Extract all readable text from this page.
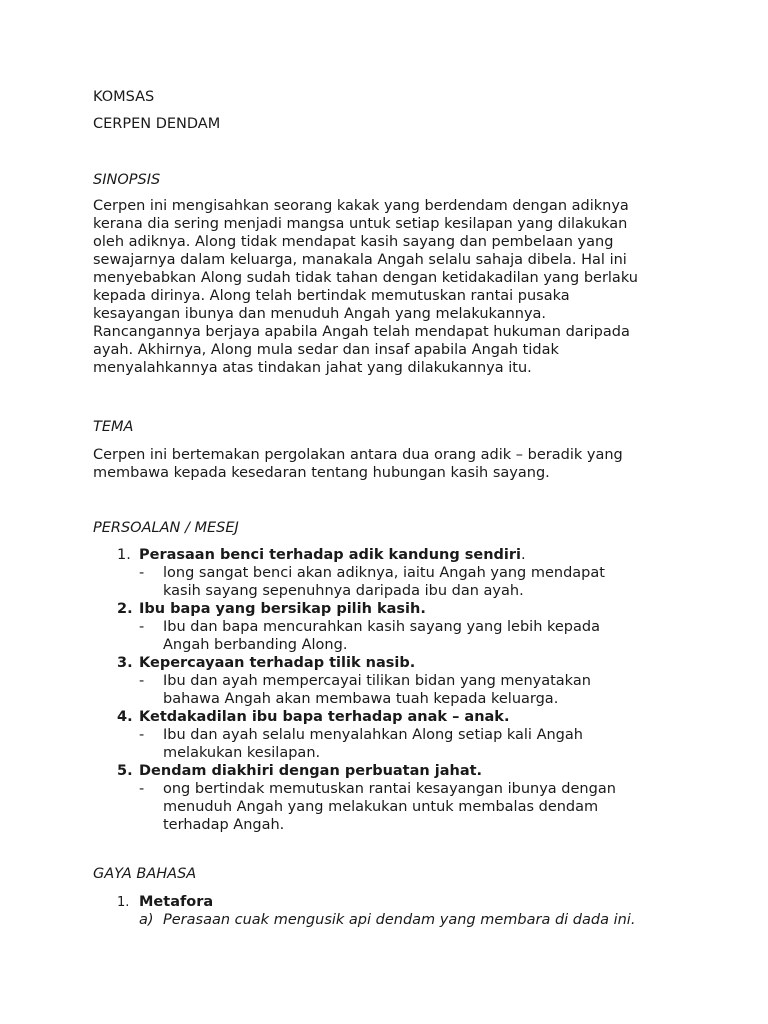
KOMSAS
CERPEN DENDAM
SINOPSIS
Cerpen ini mengisahkan seorang kakak yang berdendam dengan adiknya
kerana dia sering menjadi mangsa untuk setiap kesilapan yang dilakukan
oleh adiknya. Along tidak mendapat kasih sayang dan pembelaan yang
sewajarnya dalam keluarga, manakala Angah selalu sahaja dibela. Hal ini
menyebabkan Along sudah tidak tahan dengan ketidakadilan yang berlaku
kepada dirinya. Along telah bertindak memutuskan rantai pusaka
kesayangan ibunya dan menuduh Angah yang melakukannya.
Rancangannya berjaya apabila Angah telah mendapat hukuman daripada
ayah. Akhirnya, Along mula sedar dan insaf apabila Angah tidak
menyalahkannya atas tindakan jahat yang dilakukannya itu.
TEMA
Cerpen ini bertemakan pergolakan antara dua orang adik – beradik yang
membawa kepada kesedaran tentang hubungan kasih sayang.
PERSOALAN / MESEJ
1. Perasaan benci terhadap adik kandung sendiri.
- long sangat benci akan adiknya, iaitu Angah yang mendapat
kasih sayang sepenuhnya daripada ibu dan ayah.
2. Ibu bapa yang bersikap pilih kasih.
- Ibu dan bapa mencurahkan kasih sayang yang lebih kepada
Angah berbanding Along.
3. Kepercayaan terhadap tilik nasib.
- Ibu dan ayah mempercayai tilikan bidan yang menyatakan
bahawa Angah akan membawa tuah kepada keluarga.
4. Ketdakadilan ibu bapa terhadap anak – anak.
- Ibu dan ayah selalu menyalahkan Along setiap kali Angah
melakukan kesilapan.
5. Dendam diakhiri dengan perbuatan jahat.
- ong bertindak memutuskan rantai kesayangan ibunya dengan
menuduh Angah yang melakukan untuk membalas dendam
terhadap Angah.
GAYA BAHASA
1. Metafora
a) Perasaan cuak mengusik api dendam yang membara di dada ini.
